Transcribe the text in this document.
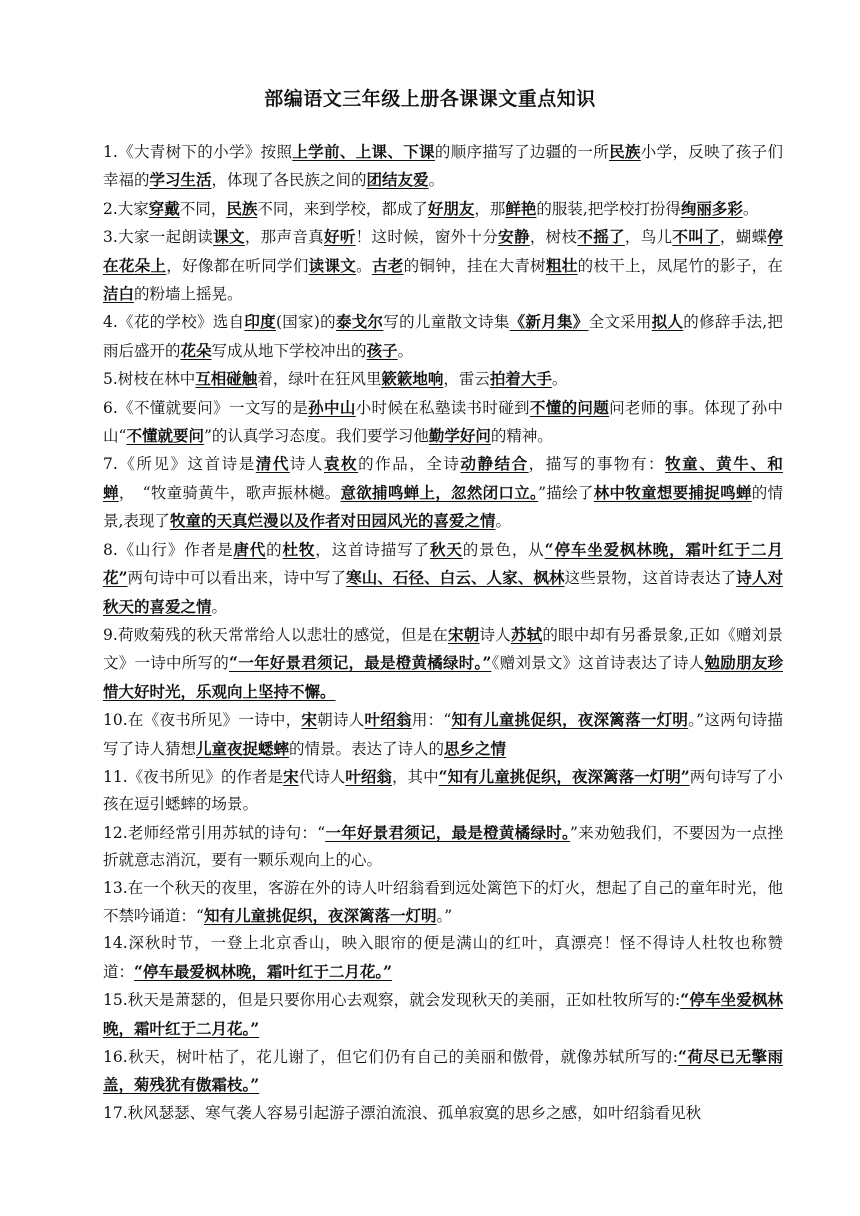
部编语文三年级上册各课课文重点知识

1.《大青树下的小学》按照上学前、上课、下课的顺序描写了边疆的一所民族小学，反映了孩子们幸福的学习生活，体现了各民族之间的团结友爱。

2.大家穿戴不同，民族不同，来到学校，都成了好朋友，那鲜艳的服装,把学校打扮得绚丽多彩。

3.大家一起朗读课文，那声音真好听！这时候，窗外十分安静，树枝不摇了，鸟儿不叫了，蝴蝶停在花朵上，好像都在听同学们读课文。古老的铜钟，挂在大青树粗壮的枝干上，凤尾竹的影子，在洁白的粉墙上摇晃。

4.《花的学校》选自印度(国家)的泰戈尔写的儿童散文诗集《新月集》全文采用拟人的修辞手法,把雨后盛开的花朵写成从地下学校冲出的孩子。

5.树枝在林中互相碰触着，绿叶在狂风里簌簌地响，雷云拍着大手。

6.《不懂就要问》一文写的是孙中山小时候在私塾读书时碰到不懂的问题问老师的事。体现了孙中山“不懂就要问”的认真学习态度。我们要学习他勤学好问的精神。

7.《所见》这首诗是清代诗人袁枚的作品，全诗动静结合，描写的事物有：牧童、黄牛、和蝉，　“牧童骑黄牛，歌声振林樾。意欲捕鸣蝉上，忽然闭口立。”描绘了林中牧童想要捕捉鸣蝉的情景,表现了牧童的天真烂漫以及作者对田园风光的喜爱之情。

8.《山行》作者是唐代的杜牧，这首诗描写了秋天的景色，从“停车坐爱枫林晚，霜叶红于二月花”两句诗中可以看出来，诗中写了寒山、石径、白云、人家、枫林这些景物，这首诗表达了诗人对秋天的喜爱之情。

9.荷败菊残的秋天常常给人以悲壮的感觉，但是在宋朝诗人苏轼的眼中却有另番景象,正如《赠刘景文》一诗中所写的“一年好景君须记，最是橙黄橘绿时。”《赠刘景文》这首诗表达了诗人勉励朋友珍惜大好时光，乐观向上坚持不懈。

10.在《夜书所见》一诗中，宋朝诗人叶绍翁用：“知有儿童挑促织，夜深篱落一灯明。”这两句诗描写了诗人猜想儿童夜捉蟋蟀的情景。表达了诗人的思乡之情

11.《夜书所见》的作者是宋代诗人叶绍翁，其中“知有儿童挑促织，夜深篱落一灯明”两句诗写了小孩在逗引蟋蟀的场景。

12.老师经常引用苏轼的诗句：“一年好景君须记，最是橙黄橘绿时。”来劝勉我们，不要因为一点挫折就意志消沉，要有一颗乐观向上的心。

13.在一个秋天的夜里，客游在外的诗人叶绍翁看到远处篱笆下的灯火，想起了自己的童年时光，他不禁吟诵道：“知有儿童挑促织，夜深篱落一灯明。”

14.深秋时节，一登上北京香山，映入眼帘的便是满山的红叶，真漂亮！怪不得诗人杜牧也称赞道：“停车最爱枫林晚，霜叶红于二月花。”

15.秋天是萧瑟的，但是只要你用心去观察，就会发现秋天的美丽，正如杜牧所写的:“停车坐爱枫林晚，霜叶红于二月花。”

16.秋天，树叶枯了，花儿谢了，但它们仍有自己的美丽和傲骨，就像苏轼所写的:“荷尽已无擎雨盖，菊残犹有傲霜枝。”

17.秋风瑟瑟、寒气袭人容易引起游子漂泊流浪、孤单寂寞的思乡之感，如叶绍翁看见秋
